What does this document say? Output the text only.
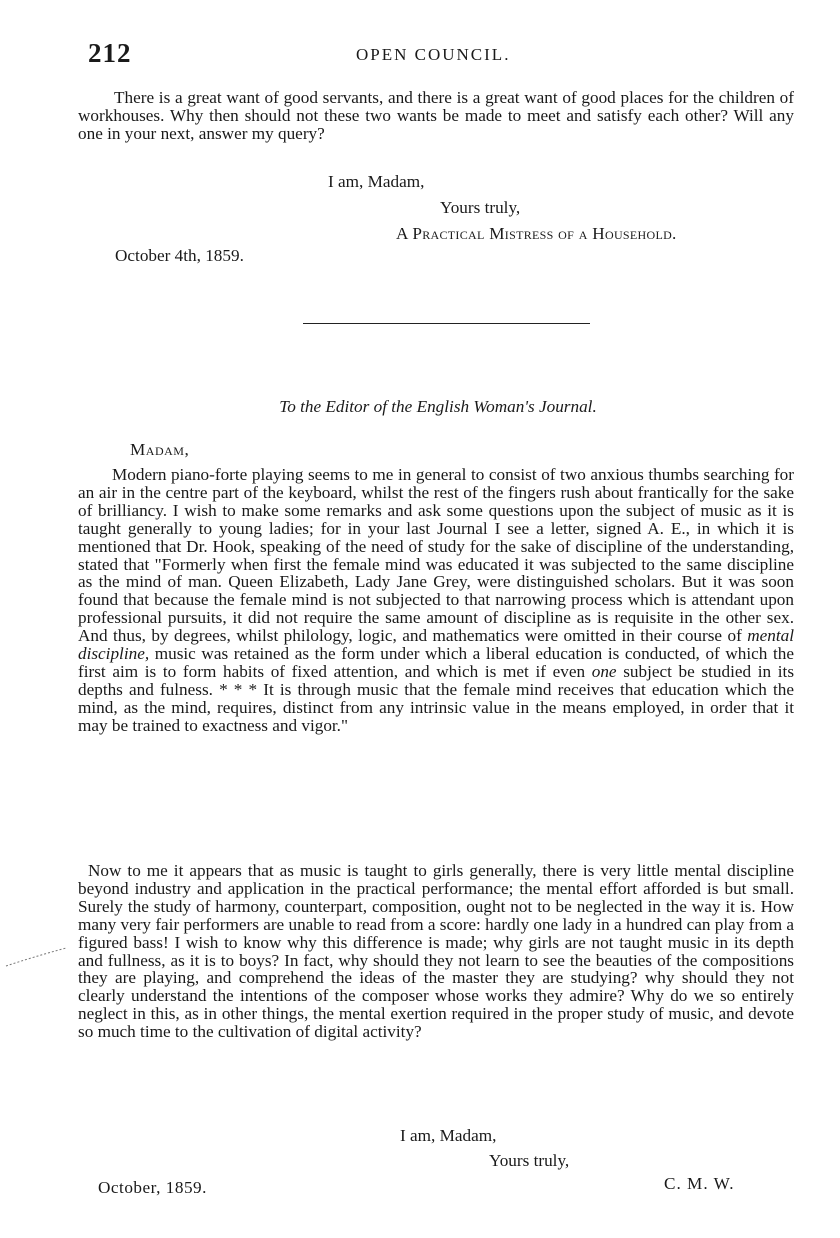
212	OPEN COUNCIL.
There is a great want of good servants, and there is a great want of good places for the children of workhouses. Why then should not these two wants be made to meet and satisfy each other? Will any one in your next, answer my query?
I am, Madam,
Yours truly,
A Practical Mistress of a Household.
October 4th, 1859.
To the Editor of the English Woman's Journal.
Madam,
Modern piano-forte playing seems to me in general to consist of two anxious thumbs searching for an air in the centre part of the keyboard, whilst the rest of the fingers rush about frantically for the sake of brilliancy. I wish to make some remarks and ask some questions upon the subject of music as it is taught generally to young ladies; for in your last Journal I see a letter, signed A. E., in which it is mentioned that Dr. Hook, speaking of the need of study for the sake of discipline of the understanding, stated that "Formerly when first the female mind was educated it was subjected to the same discipline as the mind of man. Queen Elizabeth, Lady Jane Grey, were distinguished scholars. But it was soon found that because the female mind is not subjected to that narrowing process which is attendant upon professional pursuits, it did not require the same amount of discipline as is requisite in the other sex. And thus, by degrees, whilst philology, logic, and mathematics were omitted in their course of mental discipline, music was retained as the form under which a liberal education is conducted, of which the first aim is to form habits of fixed attention, and which is met if even one subject be studied in its depths and fulness. * * * It is through music that the female mind receives that education which the mind, as the mind, requires, distinct from any intrinsic value in the means employed, in order that it may be trained to exactness and vigor."
Now to me it appears that as music is taught to girls generally, there is very little mental discipline beyond industry and application in the practical performance; the mental effort afforded is but small. Surely the study of harmony, counterpart, composition, ought not to be neglected in the way it is. How many very fair performers are unable to read from a score: hardly one lady in a hundred can play from a figured bass! I wish to know why this difference is made; why girls are not taught music in its depth and fullness, as it is to boys? In fact, why should they not learn to see the beauties of the compositions they are playing, and comprehend the ideas of the master they are studying? why should they not clearly understand the intentions of the composer whose works they admire? Why do we so entirely neglect in this, as in other things, the mental exertion required in the proper study of music, and devote so much time to the cultivation of digital activity?
I am, Madam,
Yours truly,
October, 1859.	C. M. W.
